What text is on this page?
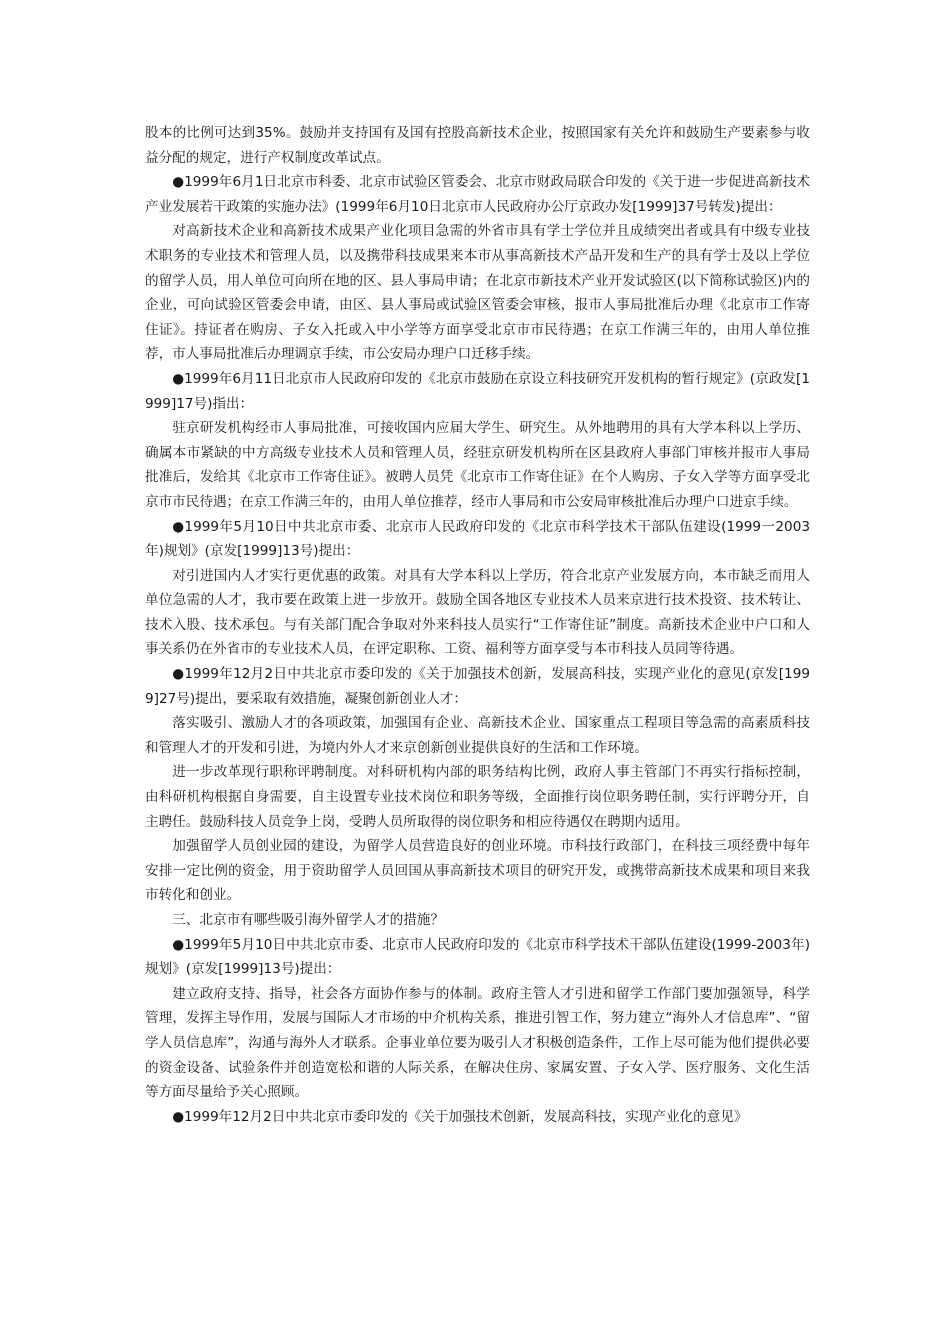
股本的比例可达到35%。鼓励并支持国有及国有控股高新技术企业，按照国家有关允许和鼓励生产要素参与收益分配的规定，进行产权制度改革试点。

●1999年6月1日北京市科委、北京市试验区管委会、北京市财政局联合印发的《关于进一步促进高新技术产业发展若干政策的实施办法》(1999年6月10日北京市人民政府办公厅京政办发[1999]37号转发)提出：

对高新技术企业和高新技术成果产业化项目急需的外省市具有学士学位并且成绩突出者或具有中级专业技术职务的专业技术和管理人员，以及携带科技成果来本市从事高新技术产品开发和生产的具有学士及以上学位的留学人员，用人单位可向所在地的区、县人事局申请；在北京市新技术产业开发试验区(以下简称试验区)内的企业，可向试验区管委会申请，由区、县人事局或试验区管委会审核，报市人事局批准后办理《北京市工作寄住证》。持证者在购房、子女入托或入中小学等方面享受北京市市民待遇；在京工作满三年的，由用人单位推荐，市人事局批准后办理调京手续，市公安局办理户口迁移手续。

●1999年6月11日北京市人民政府印发的《北京市鼓励在京设立科技研究开发机构的暂行规定》(京政发[1999]17号)指出：

驻京研发机构经市人事局批准，可接收国内应届大学生、研究生。从外地聘用的具有大学本科以上学历、确属本市紧缺的中方高级专业技术人员和管理人员，经驻京研发机构所在区县政府人事部门审核并报市人事局批准后，发给其《北京市工作寄住证》。被聘人员凭《北京市工作寄住证》在个人购房、子女入学等方面享受北京市市民待遇；在京工作满三年的，由用人单位推荐，经市人事局和市公安局审核批准后办理户口进京手续。

●1999年5月10日中共北京市委、北京市人民政府印发的《北京市科学技术干部队伍建设(1999一2003年)规划》(京发[1999]13号)提出：

对引进国内人才实行更优惠的政策。对具有大学本科以上学历，符合北京产业发展方向，本市缺乏而用人单位急需的人才，我市要在政策上进一步放开。鼓励全国各地区专业技术人员来京进行技术投资、技术转让、技术入股、技术承包。与有关部门配合争取对外来科技人员实行“工作寄住证”制度。高新技术企业中户口和人事关系仍在外省市的专业技术人员，在评定职称、工资、福利等方面享受与本市科技人员同等待遇。

●1999年12月2日中共北京市委印发的《关于加强技术创新，发展高科技，实现产业化的意见(京发[1999]27号)提出，要采取有效措施，凝聚创新创业人才：

落实吸引、激励人才的各项政策，加强国有企业、高新技术企业、国家重点工程项目等急需的高素质科技和管理人才的开发和引进，为境内外人才来京创新创业提供良好的生活和工作环境。

进一步改革现行职称评聘制度。对科研机构内部的职务结构比例，政府人事主管部门不再实行指标控制，由科研机构根据自身需要，自主设置专业技术岗位和职务等级，全面推行岗位职务聘任制，实行评聘分开，自主聘任。鼓励科技人员竞争上岗，受聘人员所取得的岗位职务和相应待遇仅在聘期内适用。

加强留学人员创业园的建设，为留学人员营造良好的创业环境。市科技行政部门，在科技三项经费中每年安排一定比例的资金，用于资助留学人员回国从事高新技术项目的研究开发，或携带高新技术成果和项目来我市转化和创业。

三、北京市有哪些吸引海外留学人才的措施？

●1999年5月10日中共北京市委、北京市人民政府印发的《北京市科学技术干部队伍建设(1999-2003年)规划》(京发[1999]13号)提出：

建立政府支持、指导，社会各方面协作参与的体制。政府主管人才引进和留学工作部门要加强领导，科学管理，发挥主导作用，发展与国际人才市场的中介机构关系，推进引智工作，努力建立“海外人才信息库”、“留学人员信息库”，沟通与海外人才联系。企事业单位要为吸引人才积极创造条件，工作上尽可能为他们提供必要的资金设备、试验条件并创造宽松和谐的人际关系，在解决住房、家属安置、子女入学、医疗服务、文化生活等方面尽量给予关心照顾。

●1999年12月2日中共北京市委印发的《关于加强技术创新，发展高科技，实现产业化的意见》
